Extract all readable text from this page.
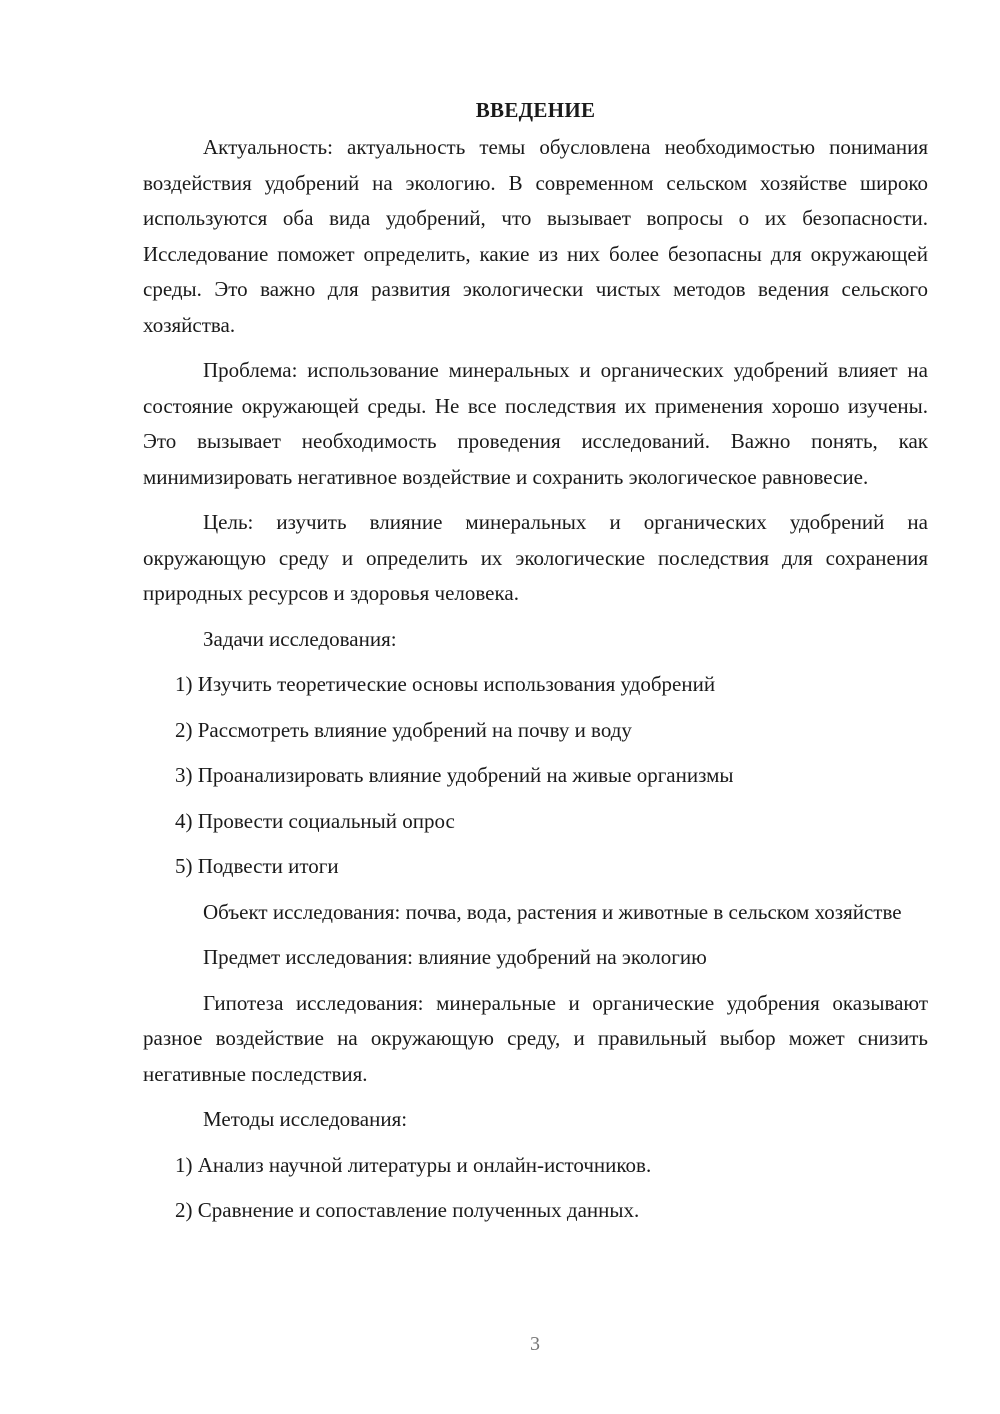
ВВЕДЕНИЕ

Актуальность: актуальность темы обусловлена необходимостью понимания воздействия удобрений на экологию. В современном сельском хозяйстве широко используются оба вида удобрений, что вызывает вопросы о их безопасности. Исследование поможет определить, какие из них более безопасны для окружающей среды. Это важно для развития экологически чистых методов ведения сельского хозяйства.

Проблема: использование минеральных и органических удобрений влияет на состояние окружающей среды. Не все последствия их применения хорошо изучены. Это вызывает необходимость проведения исследований. Важно понять, как минимизировать негативное воздействие и сохранить экологическое равновесие.

Цель: изучить влияние минеральных и органических удобрений на окружающую среду и определить их экологические последствия для сохранения природных ресурсов и здоровья человека.

Задачи исследования:
1) Изучить теоретические основы использования удобрений
2) Рассмотреть влияние удобрений на почву и воду
3) Проанализировать влияние удобрений на живые организмы
4) Провести социальный опрос
5) Подвести итоги

Объект исследования: почва, вода, растения и животные в сельском хозяйстве

Предмет исследования: влияние удобрений на экологию

Гипотеза исследования: минеральные и органические удобрения оказывают разное воздействие на окружающую среду, и правильный выбор может снизить негативные последствия.

Методы исследования:
1) Анализ научной литературы и онлайн-источников.
2) Сравнение и сопоставление полученных данных.
3
